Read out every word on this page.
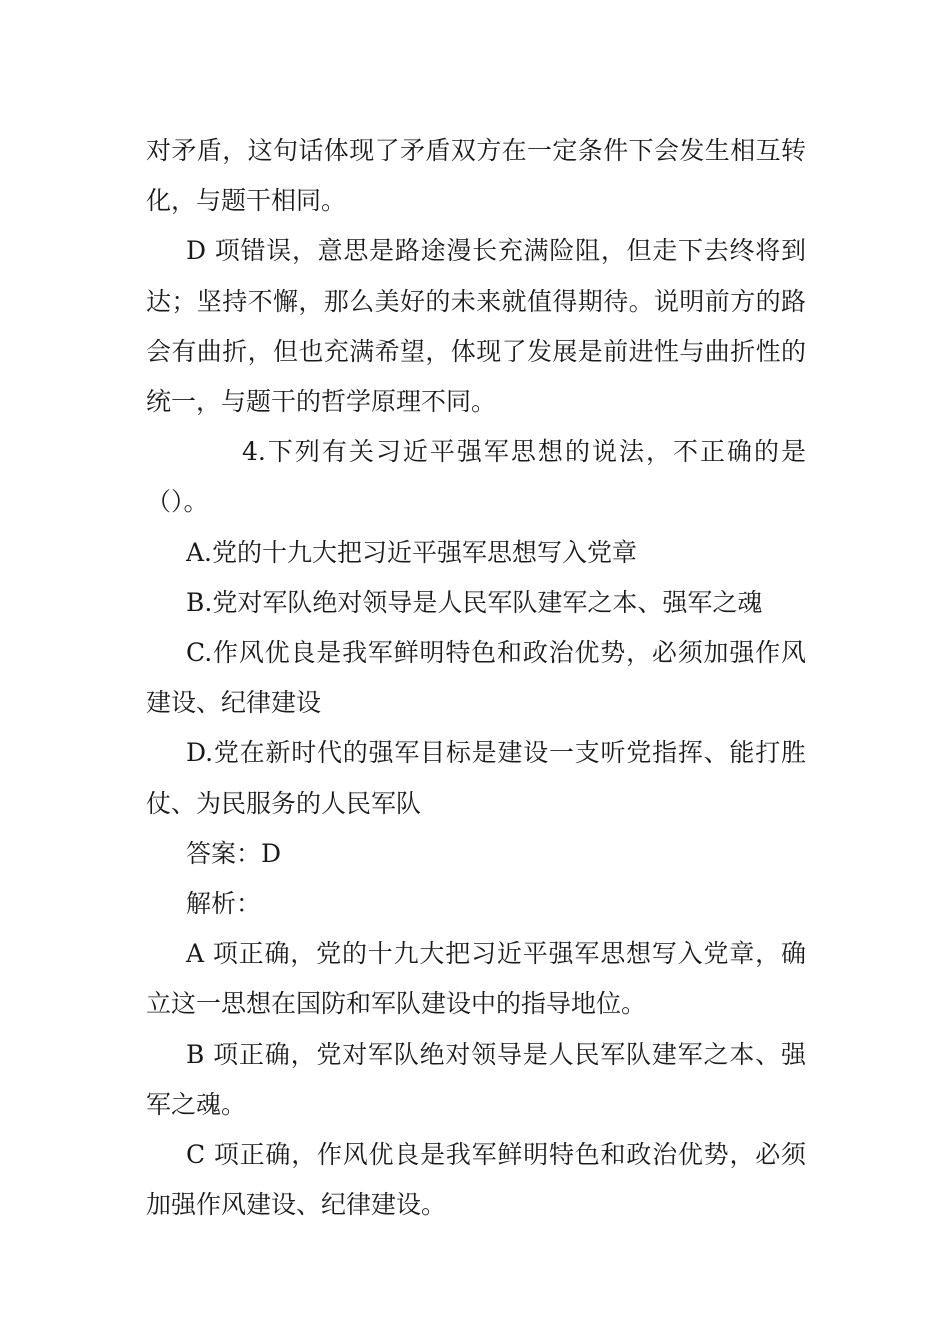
对矛盾，这句话体现了矛盾双方在一定条件下会发生相互转化，与题干相同。

D 项错误，意思是路途漫长充满险阻，但走下去终将到达；坚持不懈，那么美好的未来就值得期待。说明前方的路会有曲折，但也充满希望，体现了发展是前进性与曲折性的统一，与题干的哲学原理不同。

4.下列有关习近平强军思想的说法，不正确的是（）。

A.党的十九大把习近平强军思想写入党章

B.党对军队绝对领导是人民军队建军之本、强军之魂

C.作风优良是我军鲜明特色和政治优势，必须加强作风建设、纪律建设

D.党在新时代的强军目标是建设一支听党指挥、能打胜仗、为民服务的人民军队

答案：D

解析：

A 项正确，党的十九大把习近平强军思想写入党章，确立这一思想在国防和军队建设中的指导地位。

B 项正确，党对军队绝对领导是人民军队建军之本、强军之魂。

C 项正确，作风优良是我军鲜明特色和政治优势，必须加强作风建设、纪律建设。
